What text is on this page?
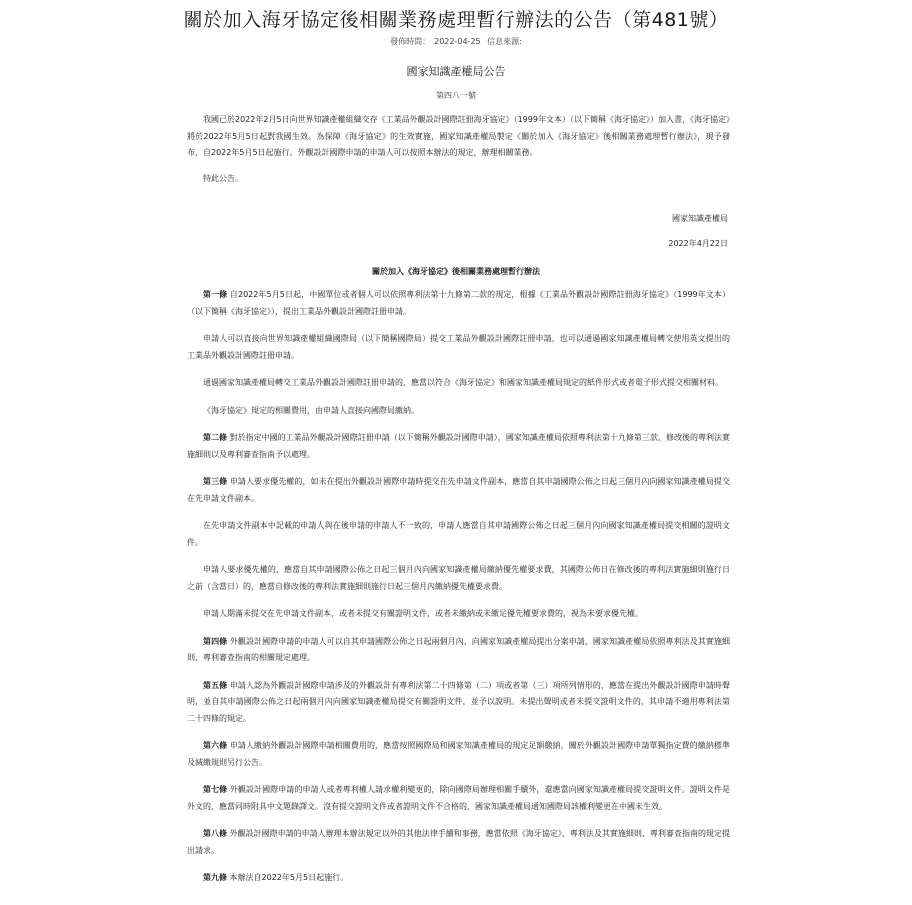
關於加入海牙協定後相關業務處理暫行辦法的公告（第481號）
發佈時間： 2022-04-25 信息來源:
國家知識產權局公告
第四八一號

我國已於2022年2月5日向世界知識產權組織交存《工業品外觀設計國際註冊海牙協定》（1999年文本）（以下簡稱《海牙協定》）加入書，《海牙協定》將於2022年5月5日起對我國生效。為保障《海牙協定》的生效實施，國家知識產權局製定《關於加入《海牙協定》後相關業務處理暫行辦法》，現予發布，自2022年5月5日起施行。外觀設計國際申請的申請人可以按照本辦法的規定，辦理相關業務。

特此公告。

國家知識產權局
2022年4月22日
關於加入《海牙協定》後相關業務處理暫行辦法

第一條 自2022年5月5日起，中國單位或者個人可以依照專利法第十九條第二款的規定，根據《工業品外觀設計國際註冊海牙協定》（1999年文本）（以下簡稱《海牙協定》），提出工業品外觀設計國際註冊申請。

申請人可以直接向世界知識產權組織國際局（以下簡稱國際局）提交工業品外觀設計國際註冊申請，也可以通過國家知識產權局轉交使用英文提出的工業品外觀設計國際註冊申請。

通過國家知識產權局轉交工業品外觀設計國際註冊申請的，應當以符合《海牙協定》和國家知識產權局規定的紙件形式或者電子形式提交相關材料。

《海牙協定》規定的相關費用，由申請人直接向國際局繳納。

第二條 對於指定中國的工業品外觀設計國際註冊申請（以下簡稱外觀設計國際申請），國家知識產權局依照專利法第十九條第三款、修改後的專利法實施細則以及專利審查指南予以處理。

第三條 申請人要求優先權的，如未在提出外觀設計國際申請時提交在先申請文件副本，應當自其申請國際公佈之日起三個月內向國家知識產權局提交在先申請文件副本。

在先申請文件副本中記載的申請人與在後申請的申請人不一致的，申請人應當自其申請國際公佈之日起三個月內向國家知識產權局提交相關的證明文件。

申請人要求優先權的，應當自其申請國際公佈之日起三個月內向國家知識產權局繳納優先權要求費，其國際公佈日在修改後的專利法實施細則施行日之前（含當日）的，應當自修改後的專利法實施細則施行日起三個月內繳納優先權要求費。

申請人期滿未提交在先申請文件副本，或者未提交有關證明文件，或者未繳納或未繳足優先權要求費的，視為未要求優先權。

第四條 外觀設計國際申請的申請人可以自其申請國際公佈之日起兩個月內，向國家知識產權局提出分案申請，國家知識產權局依照專利法及其實施細則、專利審查指南的相關規定處理。

第五條 申請人認為外觀設計國際申請涉及的外觀設計有專利法第二十四條第（二）項或者第（三）項所列情形的，應當在提出外觀設計國際申請時聲明，並自其申請國際公佈之日起兩個月內向國家知識產權局提交有關證明文件，並予以說明。未提出聲明或者未提交證明文件的，其申請不適用專利法第二十四條的規定。

第六條 申請人繳納外觀設計國際申請相關費用的，應當按照國際局和國家知識產權局的規定足額繳納。關於外觀設計國際申請單獨指定費的繳納標準及減繳規則另行公告。

第七條 外觀設計國際申請的申請人或者專利權人請求權利變更的，除向國際局辦理相關手續外，還應當向國家知識產權局提交證明文件。證明文件是外文的，應當同時附具中文題錄譯文。沒有提交證明文件或者證明文件不合格的，國家知識產權局通知國際局該權利變更在中國未生效。

第八條 外觀設計國際申請的申請人辦理本辦法規定以外的其他法律手續和事務，應當依照《海牙協定》、專利法及其實施細則、專利審查指南的規定提出請求。

第九條 本辦法自2022年5月5日起施行。
